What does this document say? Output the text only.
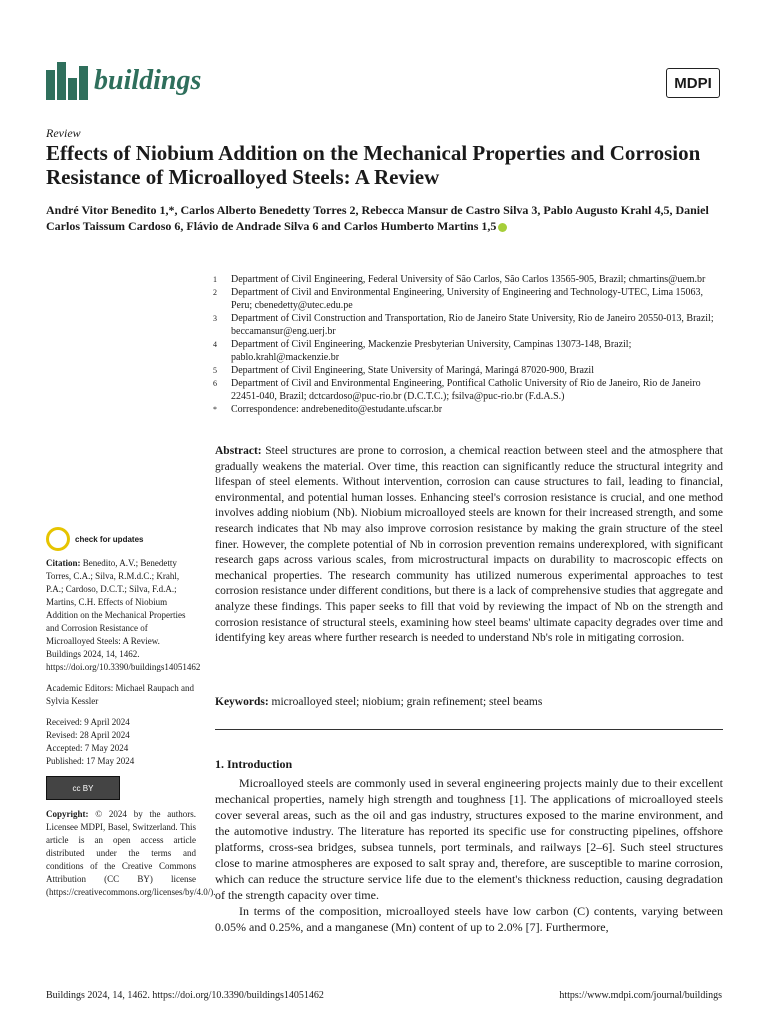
buildings	MDPI
Review
Effects of Niobium Addition on the Mechanical Properties and Corrosion Resistance of Microalloyed Steels: A Review
André Vitor Benedito 1,*, Carlos Alberto Benedetty Torres 2, Rebecca Mansur de Castro Silva 3, Pablo Augusto Krahl 4,5, Daniel Carlos Taissum Cardoso 6, Flávio de Andrade Silva 6 and Carlos Humberto Martins 1,5
1	Department of Civil Engineering, Federal University of São Carlos, São Carlos 13565-905, Brazil; chmartins@uem.br
2	Department of Civil and Environmental Engineering, University of Engineering and Technology-UTEC, Lima 15063, Peru; cbenedetty@utec.edu.pe
3	Department of Civil Construction and Transportation, Rio de Janeiro State University, Rio de Janeiro 20550-013, Brazil; beccamansur@eng.uerj.br
4	Department of Civil Engineering, Mackenzie Presbyterian University, Campinas 13073-148, Brazil; pablo.krahl@mackenzie.br
5	Department of Civil Engineering, State University of Maringá, Maringá 87020-900, Brazil
6	Department of Civil and Environmental Engineering, Pontifical Catholic University of Rio de Janeiro, Rio de Janeiro 22451-040, Brazil; dctcardoso@puc-rio.br (D.C.T.C.); fsilva@puc-rio.br (F.d.A.S.)
*	Correspondence: andrebenedito@estudante.ufscar.br
Abstract: Steel structures are prone to corrosion, a chemical reaction between steel and the atmosphere that gradually weakens the material. Over time, this reaction can significantly reduce the structural integrity and lifespan of steel elements. Without intervention, corrosion can cause structures to fail, leading to financial, environmental, and potential human losses. Enhancing steel's corrosion resistance is crucial, and one method involves adding niobium (Nb). Niobium microalloyed steels are known for their increased strength, and some research indicates that Nb may also improve corrosion resistance by making the grain structure of the steel finer. However, the complete potential of Nb in corrosion prevention remains underexplored, with significant research gaps across various scales, from microstructural impacts on durability to macroscopic effects on mechanical properties. The research community has utilized numerous experimental approaches to test corrosion resistance under different conditions, but there is a lack of comprehensive studies that aggregate and analyze these findings. This paper seeks to fill that void by reviewing the impact of Nb on the strength and corrosion resistance of structural steels, examining how steel beams' ultimate capacity degrades over time and identifying key areas where further research is needed to understand Nb's role in mitigating corrosion.
Keywords: microalloyed steel; niobium; grain refinement; steel beams
check for updates

Citation: Benedito, A.V.; Benedetty Torres, C.A.; Silva, R.M.d.C.; Krahl, P.A.; Cardoso, D.C.T.; Silva, F.d.A.; Martins, C.H. Effects of Niobium Addition on the Mechanical Properties and Corrosion Resistance of Microalloyed Steels: A Review. Buildings 2024, 14, 1462. https://doi.org/10.3390/buildings14051462

Academic Editors: Michael Raupach and Sylvia Kessler

Received: 9 April 2024
Revised: 28 April 2024
Accepted: 7 May 2024
Published: 17 May 2024
cc BY

Copyright: © 2024 by the authors. Licensee MDPI, Basel, Switzerland. This article is an open access article distributed under the terms and conditions of the Creative Commons Attribution (CC BY) license (https://creativecommons.org/licenses/by/4.0/).

1. Introduction

Microalloyed steels are commonly used in several engineering projects mainly due to their excellent mechanical properties, namely high strength and toughness [1]. The applications of microalloyed steels cover several areas, such as the oil and gas industry, structures exposed to the marine environment, and the automotive industry. The literature has reported its specific use for constructing pipelines, offshore platforms, cross-sea bridges, subsea tunnels, port terminals, and railways [2–6]. Such steel structures close to marine atmospheres are exposed to salt spray and, therefore, are susceptible to marine corrosion, which can reduce the structure service life due to the element's thickness reduction, causing degradation of the strength capacity over time.

In terms of the composition, microalloyed steels have low carbon (C) contents, varying between 0.05% and 0.25%, and a manganese (Mn) content of up to 2.0% [7]. Furthermore,

Buildings 2024, 14, 1462. https://doi.org/10.3390/buildings14051462	https://www.mdpi.com/journal/buildings
